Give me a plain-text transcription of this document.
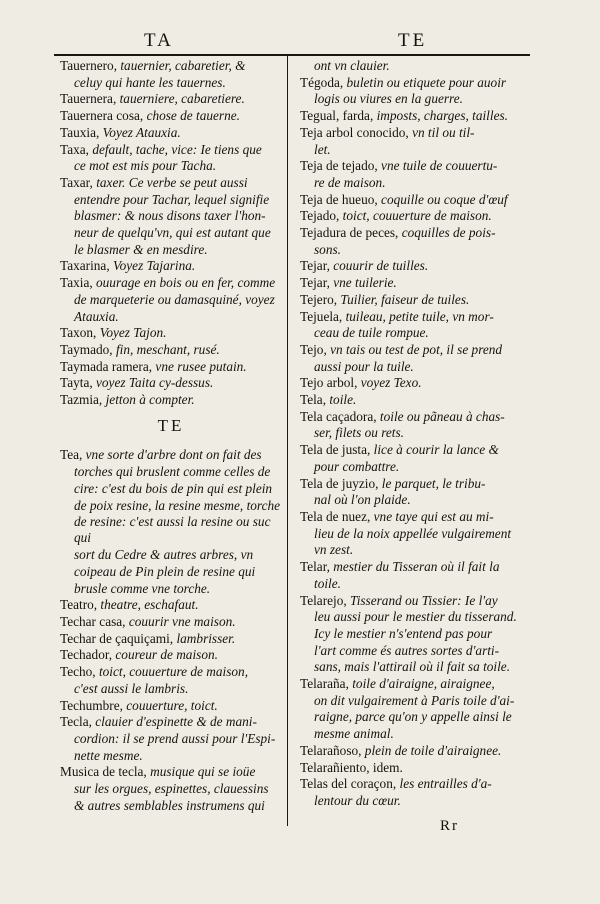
TA	TE

Tauernero, tauernier, cabaretier, &

celuy qui hante les tauernes.

Tauernera, tauerniere, cabaretiere.

Tauernera cosa, chose de tauerne.

Tauxia, Voyez Atauxia.

Taxa, default, tache, vice: Ie tiens que

ce mot est mis pour Tacha.

Taxar, taxer. Ce verbe se peut aussi

entendre pour Tachar, lequel signifie

blasmer: & nous disons taxer l'hon-

neur de quelqu'vn, qui est autant que

le blasmer & en mesdire.

Taxarina, Voyez Tajarina.

Taxia, ouurage en bois ou en fer, comme

de marqueterie ou damasquiné, voyez

Atauxia.

Taxon, Voyez Tajon.

Taymado, fin, meschant, rusé.

Taymada ramera, vne rusee putain.

Tayta, voyez Taita cy-dessus.

Tazmia, jetton à compter.

TE

Tea, vne sorte d'arbre dont on fait des

torches qui bruslent comme celles de

cire: c'est du bois de pin qui est plein

de poix resine, la resine mesme, torche

de resine: c'est aussi la resine ou suc qui

sort du Cedre & autres arbres, vn

coipeau de Pin plein de resine qui

brusle comme vne torche.

Teatro, theatre, eschafaut.

Techar casa, couurir vne maison.

Techar de çaquiçami, lambrisser.

Techador, coureur de maison.

Techo, toict, couuerture de maison,

c'est aussi le lambris.

Techumbre, couuerture, toict.

Tecla, clauier d'espinette & de mani-

cordion: il se prend aussi pour l'Espi-

nette mesme.

Musica de tecla, musique qui se ioüe

sur les orgues, espinettes, clauessins

& autres semblables instrumens qui

ont vn clauier.

Tégoda, buletin ou etiquete pour auoir

logis ou viures en la guerre.

Tegual, farda, imposts, charges, tailles.

Teja arbol conocido, vn til ou til-

let.

Teja de tejado, vne tuile de couuertu-

re de maison.

Teja de hueuo, coquille ou coque d'œuf

Tejado, toict, couuerture de maison.

Tejadura de peces, coquilles de pois-

sons.

Tejar, couurir de tuilles.

Tejar, vne tuilerie.

Tejero, Tuilier, faiseur de tuiles.

Tejuela, tuileau, petite tuile, vn mor-

ceau de tuile rompue.

Tejo, vn tais ou test de pot, il se prend

aussi pour la tuile.

Tejo arbol, voyez Texo.

Tela, toile.

Tela caçadora, toile ou pãneau à chas-

ser, filets ou rets.

Tela de justa, lice à courir la lance &

pour combattre.

Tela de juyzio, le parquet, le tribu-

nal où l'on plaide.

Tela de nuez, vne taye qui est au mi-

lieu de la noix appellée vulgairement

vn zest.

Telar, mestier du Tisseran où il fait la

toile.

Telarejo, Tisserand ou Tissier: Ie l'ay

leu aussi pour le mestier du tisserand.

Icy le mestier n's'entend pas pour

l'art comme és autres sortes d'arti-

sans, mais l'attirail où il fait sa toile.

Telaraña, toile d'airaigne, airaignee,

on dit vulgairement à Paris toile d'ai-

raigne, parce qu'on y appelle ainsi le

mesme animal.

Telarañoso, plein de toile d'airaignee.

Telarañiento, idem.

Telas del coraçon, les entrailles d'a-

lentour du cœur.

Rr
